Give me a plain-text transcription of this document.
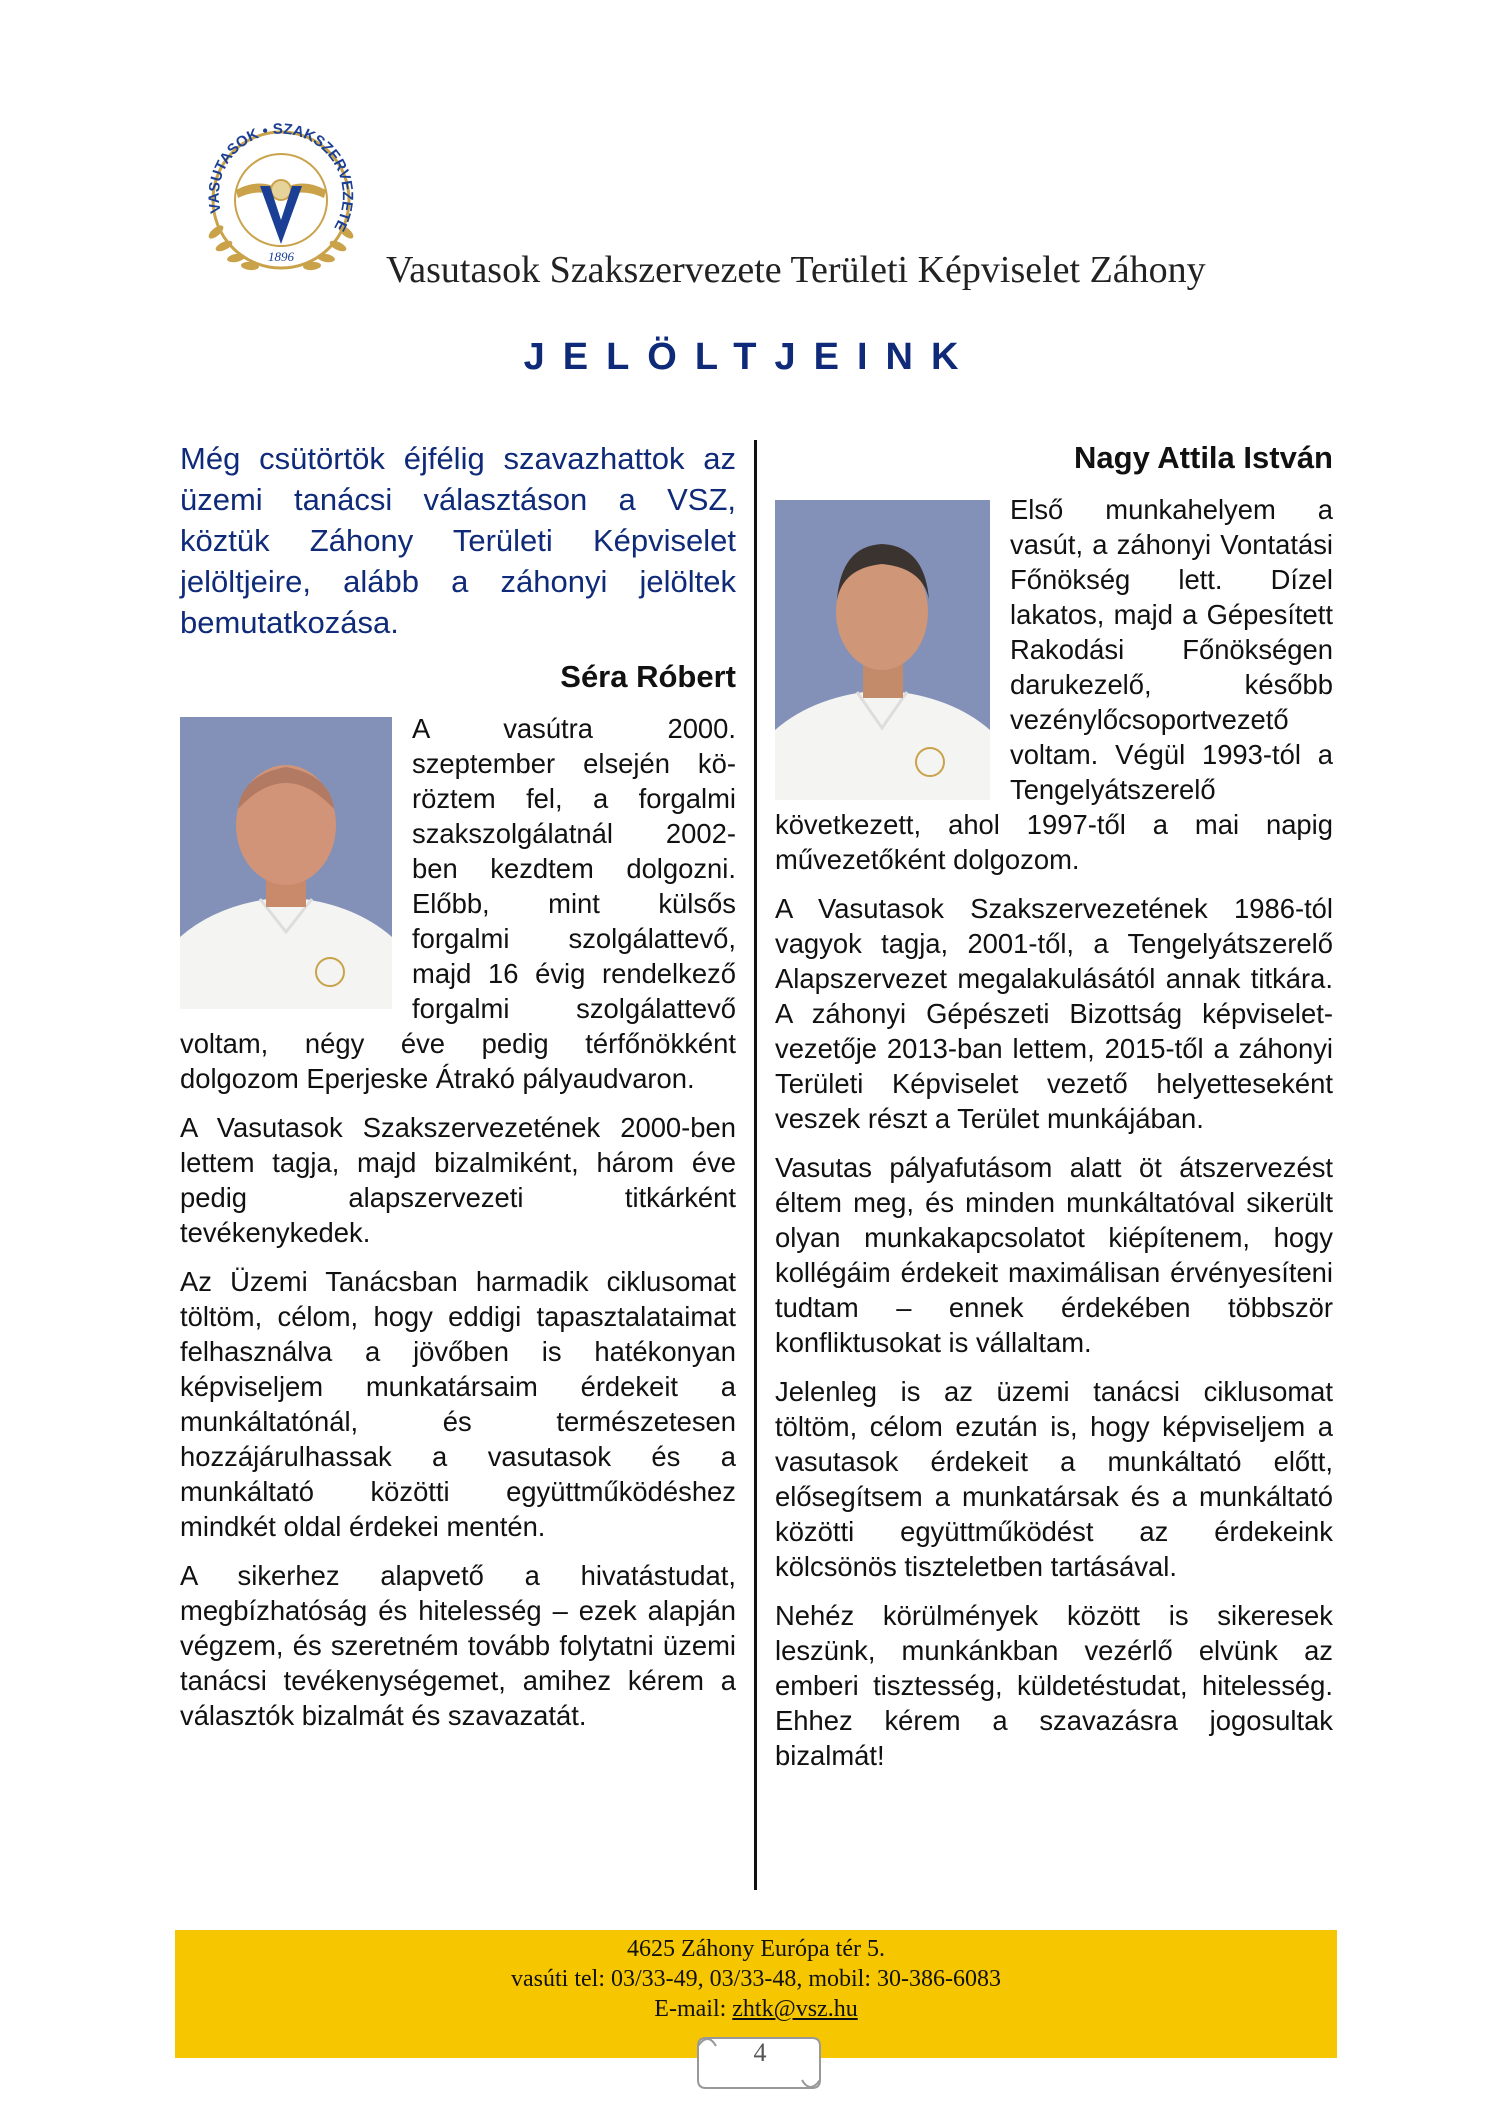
VASUTASOK • SZAKSZERVEZETE
1896 Vasutasok Szakszervezete Területi Képviselet Záhony
JELÖLTJEINK

Még csütörtök éjfélig szavazhattok az üzemi tanácsi választáson a VSZ, köztük Záhony Területi Képviselet jelöltjeire, alább a záhonyi jelöltek bemutatkozása.

Séra Róbert

A vasútra 2000. szeptember elsején köröztem fel, a forgalmi szakszolgálatnál 2002-ben kezdtem dolgozni. Előbb, mint külsős forgalmi szolgálattevő, majd 16 évig rendelkező forgalmi szolgálattevő voltam, négy éve pedig térfőnökként dolgozom Eperjeske Átrakó pályaudvaron.

A Vasutasok Szakszervezetének 2000-ben lettem tagja, majd bizalmiként, három éve pedig alapszervezeti titkárként tevékenykedek.

Az Üzemi Tanácsban harmadik ciklusomat töltöm, célom, hogy eddigi tapasztalataimat felhasználva a jövőben is hatékonyan képviseljem munkatársaim érdekeit a munkáltatónál, és természetesen hozzájárulhassak a vasutasok és a munkáltató közötti együttműködéshez mindkét oldal érdekei mentén.

A sikerhez alapvető a hivatástudat, megbízhatóság és hitelesség – ezek alapján végzem, és szeretném tovább folytatni üzemi tanácsi tevékenységemet, amihez kérem a választók bizalmát és szavazatát.

Nagy Attila István

Első munkahelyem a vasút, a záhonyi Vontatási Főnökség lett. Dízel lakatos, majd a Gépesített Rakodási Főnökségen darukezelő, később vezénylőcsoportvezető voltam. Végül 1993-tól a Tengelyátszerelő következett, ahol 1997-től a mai napig művezetőként dolgozom.

A Vasutasok Szakszervezetének 1986-tól vagyok tagja, 2001-től, a Tengelyátszerelő Alapszervezet megalakulásától annak titkára. A záhonyi Gépészeti Bizottság képviselet-vezetője 2013-ban lettem, 2015-től a záhonyi Területi Képviselet vezető helyetteseként veszek részt a Terület munkájában.

Vasutas pályafutásom alatt öt átszervezést éltem meg, és minden munkáltatóval sikerült olyan munkakapcsolatot kiépítenem, hogy kollégáim érdekeit maximálisan érvényesíteni tudtam – ennek érdekében többször konfliktusokat is vállaltam.

Jelenleg is az üzemi tanácsi ciklusomat töltöm, célom ezután is, hogy képviseljem a vasutasok érdekeit a munkáltató előtt, elősegítsem a munkatársak és a munkáltató közötti együttműködést az érdekeink kölcsönös tiszteletben tartásával.

Nehéz körülmények között is sikeresek leszünk, munkánkban vezérlő elvünk az emberi tisztesség, küldetéstudat, hitelesség. Ehhez kérem a szavazásra jogosultak bizalmát!

4625 Záhony Európa tér 5.
vasúti tel: 03/33-49, 03/33-48, mobil: 30-386-6083
E-mail: zhtk@vsz.hu
4
